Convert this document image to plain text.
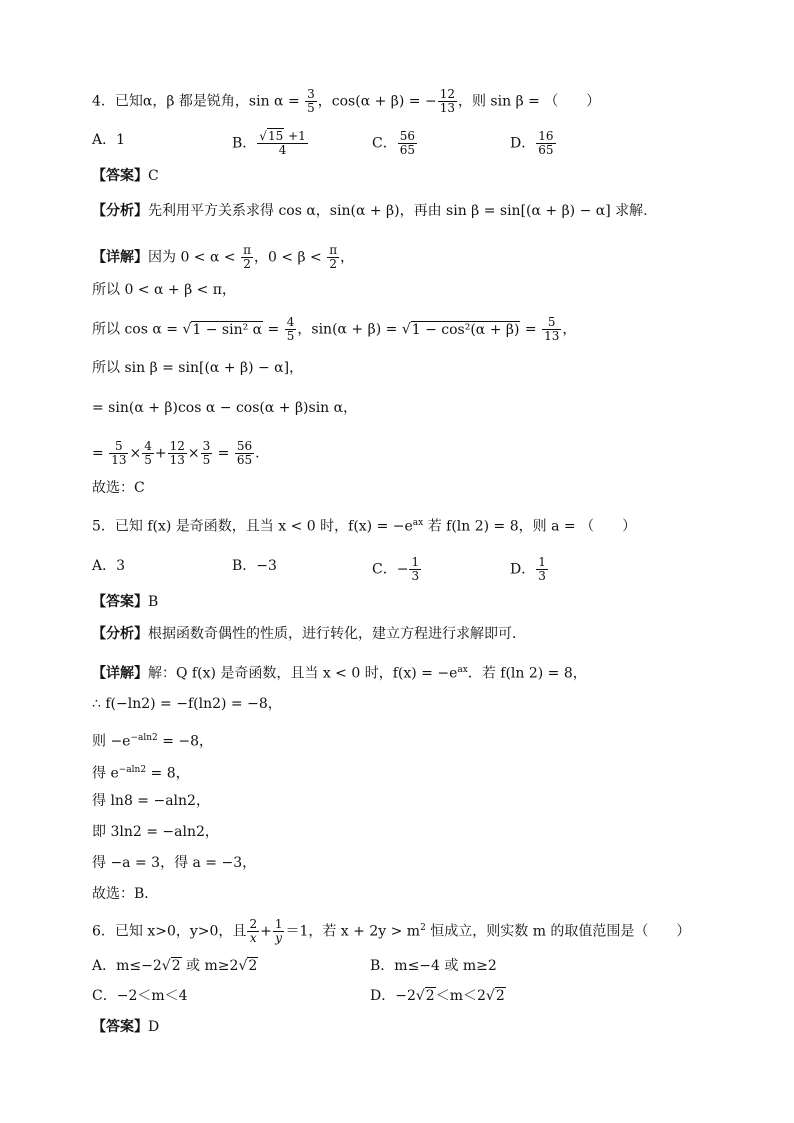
4．已知α，β 都是锐角，$\sin \alpha = \frac{3}{5}$ ，cos(α + β) = − $\frac{12}{13}$ ，则 sin β = （　　）
A．1	B． $\frac{√15 +1}{4}$	C． $\frac{56}{65}$	D． $\frac{16}{65}$
【答案】C
【分析】先利用平方关系求得 cos α，sin(α + β)，再由 sin β = sin[(α + β) − α] 求解.
【详解】因为 $0 < \alpha < \frac{\pi}{2}$ ，$0 < \beta < \frac{\pi}{2}$ ，
所以 0 < α + β < π，
所以 cos α = √1 − sin² $\alpha = \frac{4}{5}$ ，$\sin(\alpha + \beta) = √1 - \cos^2(\alpha + \beta) = \frac{5}{13}$ ，
所以 sin β = sin[(α + β) − α]，
= sin(α + β)cos α − cos(α + β)sin α，
= $\frac{5}{13} \times \frac{4}{5} + \frac{12}{13} \times \frac{3}{5} = \frac{56}{65}$ .
故选：C
5．已知 f(x) 是奇函数，且当 x < 0 时，$f(x) = -e^{ax}$ 若 f(ln 2) = 8，则 a = （　　）
A．3	B．−3	C．− $\frac{1}{3}$	D． $\frac{1}{3}$
【答案】B
【分析】根据函数奇偶性的性质，进行转化，建立方程进行求解即可．
【详解】解：Q f(x) 是奇函数，且当 x < 0 时，$f(x) = -e^{ax}$．若 f(ln 2) = 8，
∴ f(−ln2) = −f(ln2) = −8，
则 $-e^{-aln2} = -8$，
得 $e^{-aln2} = 8$，
得 ln8 = −aln2，
即 3ln2 = −aln2，
得 −a = 3，得 a = −3，
故选：B．
6．已知 x>0，y>0，且 $\frac{2}{x} + \frac{1}{y} =1$，若 $x + 2y > m^2$ 恒成立，则实数 m 的取值范围是（　　）
A．m≤−2√2 或 m≥2√2	B．m≤−4 或 m≥2
C．−2＜m＜4	D．−2√2＜m＜2√2
【答案】D
